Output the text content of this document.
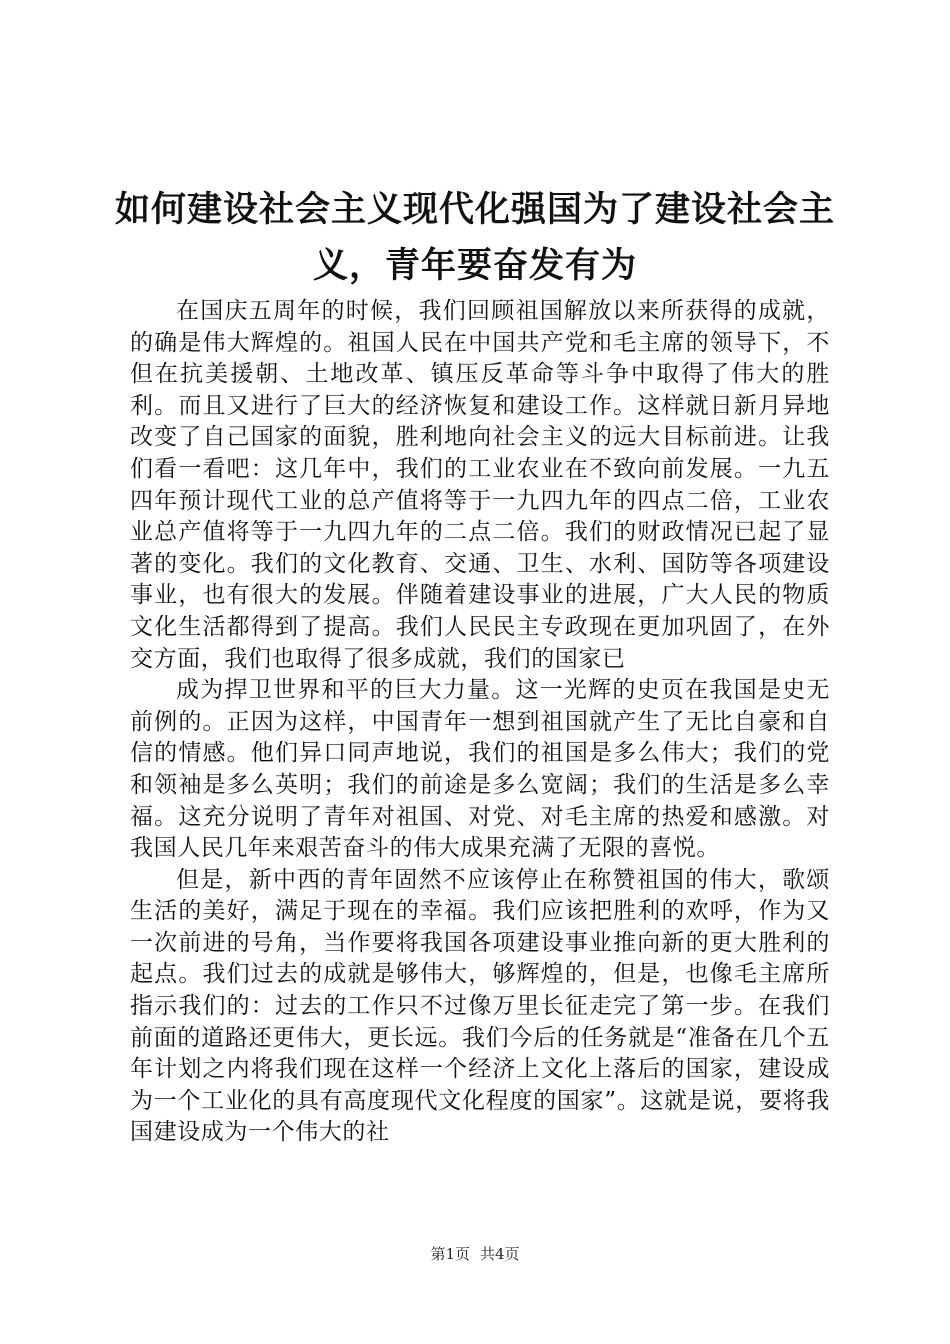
如何建设社会主义现代化强国为了建设社会主义，青年要奋发有为

在国庆五周年的时候，我们回顾祖国解放以来所获得的成就，的确是伟大辉煌的。祖国人民在中国共产党和毛主席的领导下，不但在抗美援朝、土地改革、镇压反革命等斗争中取得了伟大的胜利。而且又进行了巨大的经济恢复和建设工作。这样就日新月异地改变了自己国家的面貌，胜利地向社会主义的远大目标前进。让我们看一看吧：这几年中，我们的工业农业在不致向前发展。一九五四年预计现代工业的总产值将等于一九四九年的四点二倍，工业农业总产值将等于一九四九年的二点二倍。我们的财政情况已起了显著的变化。我们的文化教育、交通、卫生、水利、国防等各项建设事业，也有很大的发展。伴随着建设事业的进展，广大人民的物质文化生活都得到了提高。我们人民民主专政现在更加巩固了，在外交方面，我们也取得了很多成就，我们的国家已

成为捍卫世界和平的巨大力量。这一光辉的史页在我国是史无前例的。正因为这样，中国青年一想到祖国就产生了无比自豪和自信的情感。他们异口同声地说，我们的祖国是多么伟大；我们的党和领袖是多么英明；我们的前途是多么宽阔；我们的生活是多么幸福。这充分说明了青年对祖国、对党、对毛主席的热爱和感激。对我国人民几年来艰苦奋斗的伟大成果充满了无限的喜悦。

但是，新中西的青年固然不应该停止在称赞祖国的伟大，歌颂生活的美好，满足于现在的幸福。我们应该把胜利的欢呼，作为又一次前进的号角，当作要将我国各项建设事业推向新的更大胜利的起点。我们过去的成就是够伟大，够辉煌的，但是，也像毛主席所指示我们的：过去的工作只不过像万里长征走完了第一步。在我们前面的道路还更伟大，更长远。我们今后的任务就是“准备在几个五年计划之内将我们现在这样一个经济上文化上落后的国家，建设成为一个工业化的具有高度现代文化程度的国家”。这就是说，要将我国建设成为一个伟大的社

第1页 共4页
